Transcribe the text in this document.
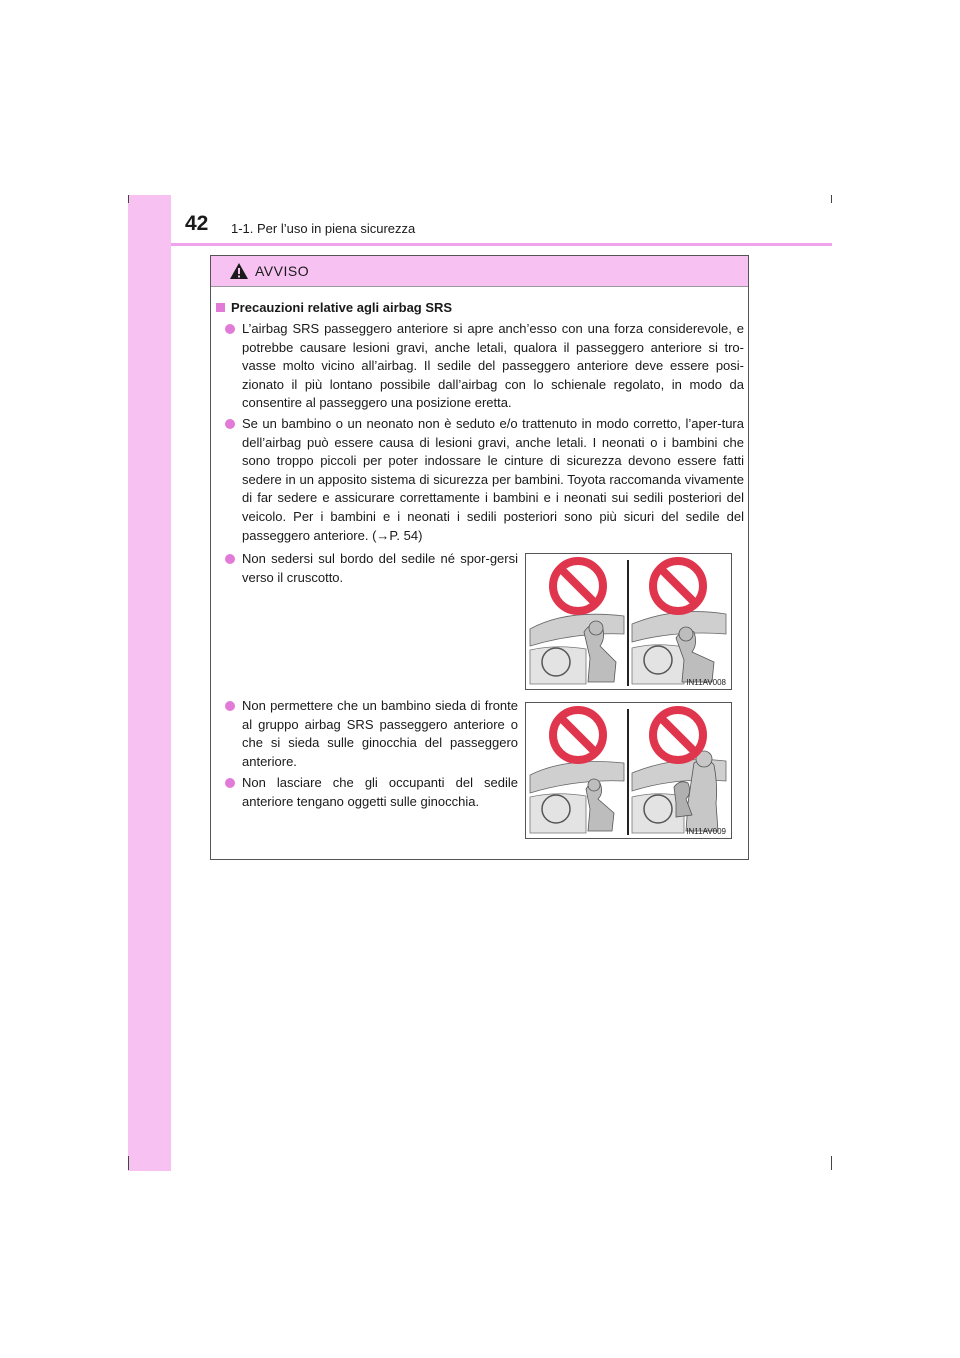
42 1-1. Per l’uso in piena sicurezza
AVVISO
Precauzioni relative agli airbag SRS
L’airbag SRS passeggero anteriore si apre anch’esso con una forza considerevole, e potrebbe causare lesioni gravi, anche letali, qualora il passeggero anteriore si tro-vasse molto vicino all’airbag. Il sedile del passeggero anteriore deve essere posi-zionato il più lontano possibile dall’airbag con lo schienale regolato, in modo da consentire al passeggero una posizione eretta.
Se un bambino o un neonato non è seduto e/o trattenuto in modo corretto, l’aper-tura dell’airbag può essere causa di lesioni gravi, anche letali. I neonati o i bambini che sono troppo piccoli per poter indossare le cinture di sicurezza devono essere fatti sedere in un apposito sistema di sicurezza per bambini. Toyota raccomanda vivamente di far sedere e assicurare correttamente i bambini e i neonati sui sedili posteriori del veicolo. Per i bambini e i neonati i sedili posteriori sono più sicuri del sedile del passeggero anteriore. (→P. 54)
Non sedersi sul bordo del sedile né spor-gersi verso il cruscotto.
Non permettere che un bambino sieda di fronte al gruppo airbag SRS passeggero anteriore o che si sieda sulle ginocchia del passeggero anteriore.
Non lasciare che gli occupanti del sedile anteriore tengano oggetti sulle ginocchia.
IN11AV008
IN11AV009
